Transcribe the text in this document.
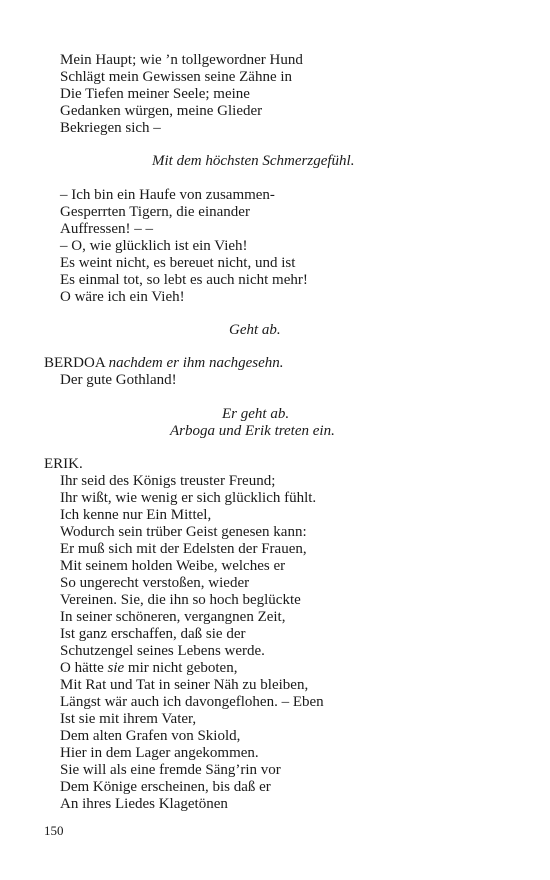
Mein Haupt; wie ’n tollgewordner Hund
Schlägt mein Gewissen seine Zähne in
Die Tiefen meiner Seele; meine
Gedanken würgen, meine Glieder
Bekriegen sich –
Mit dem höchsten Schmerzgefühl.
– Ich bin ein Haufe von zusammen-
Gesperrten Tigern, die einander
Auffressen! – –
– O, wie glücklich ist ein Vieh!
Es weint nicht, es bereuet nicht, und ist
Es einmal tot, so lebt es auch nicht mehr!
O wäre ich ein Vieh!
Geht ab.
BERDOA nachdem er ihm nachgesehn.
Der gute Gothland!
Er geht ab.
Arboga und Erik treten ein.
ERIK.
Ihr seid des Königs treuster Freund;
Ihr wißt, wie wenig er sich glücklich fühlt.
Ich kenne nur Ein Mittel,
Wodurch sein trüber Geist genesen kann:
Er muß sich mit der Edelsten der Frauen,
Mit seinem holden Weibe, welches er
So ungerecht verstoßen, wieder
Vereinen. Sie, die ihn so hoch beglückte
In seiner schöneren, vergangnen Zeit,
Ist ganz erschaffen, daß sie der
Schutzengel seines Lebens werde.
O hätte sie mir nicht geboten,
Mit Rat und Tat in seiner Näh zu bleiben,
Längst wär auch ich davongeflohen. – Eben
Ist sie mit ihrem Vater,
Dem alten Grafen von Skiold,
Hier in dem Lager angekommen.
Sie will als eine fremde Säng’rin vor
Dem Könige erscheinen, bis daß er
An ihres Liedes Klagetönen
150
